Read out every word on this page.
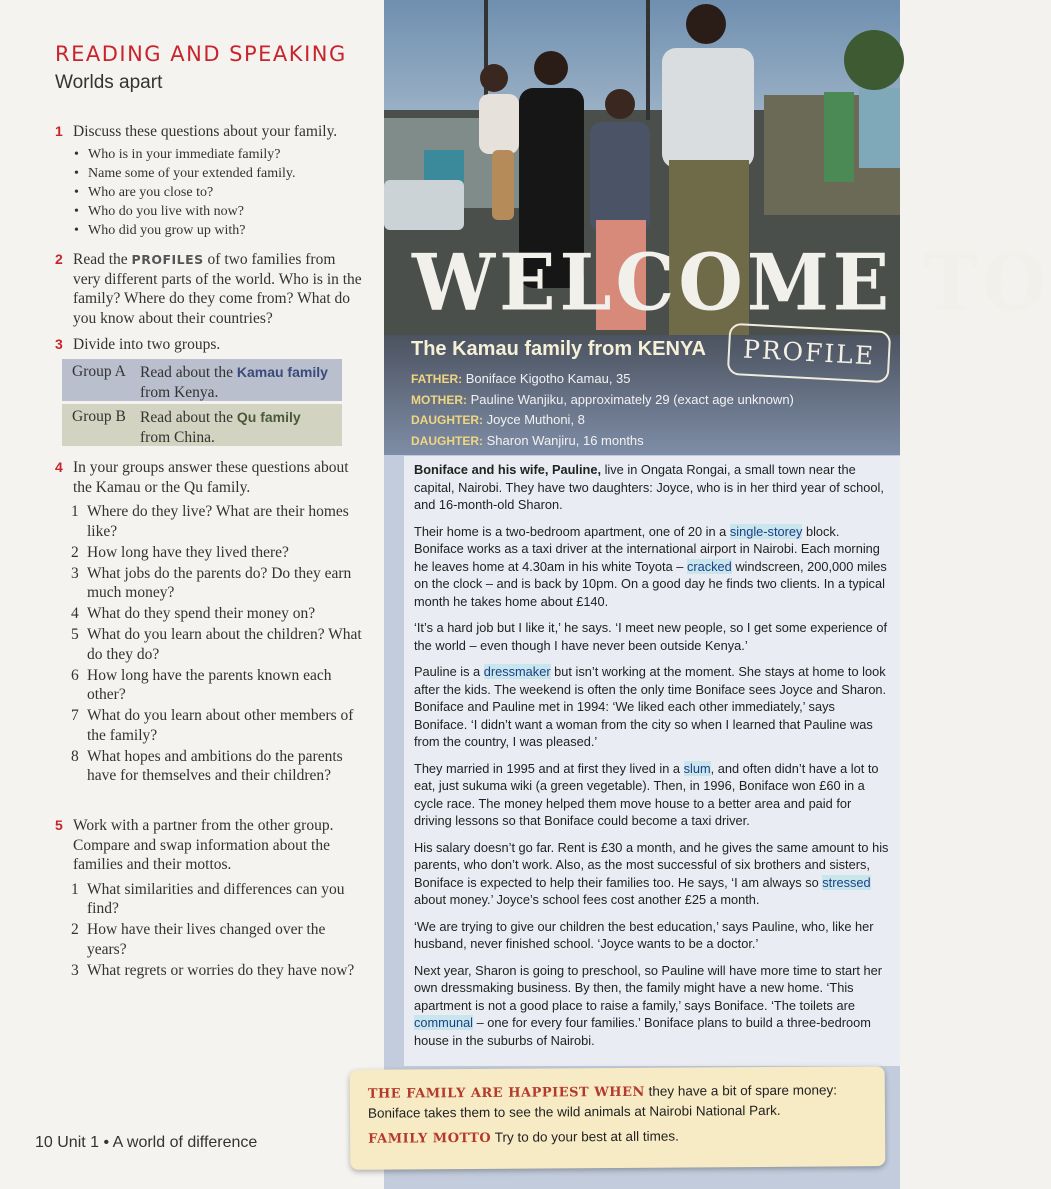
READING AND SPEAKING
Worlds apart
1 Discuss these questions about your family.
• Who is in your immediate family?
• Name some of your extended family.
• Who are you close to?
• Who do you live with now?
• Who did you grow up with?
2 Read the PROFILES of two families from very different parts of the world. Who is in the family? Where do they come from? What do you know about their countries?
3 Divide into two groups.
Group A Read about the Kamau family from Kenya.
Group B Read about the Qu family from China.
4 In your groups answer these questions about the Kamau or the Qu family.
1 Where do they live? What are their homes like?
2 How long have they lived there?
3 What jobs do the parents do? Do they earn much money?
4 What do they spend their money on?
5 What do you learn about the children? What do they do?
6 How long have the parents known each other?
7 What do you learn about other members of the family?
8 What hopes and ambitions do the parents have for themselves and their children?
5 Work with a partner from the other group. Compare and swap information about the families and their mottos.
1 What similarities and differences can you find?
2 How have their lives changed over the years?
3 What regrets or worries do they have now?
10 Unit 1 • A world of difference
WELCOME TO
The Kamau family from KENYA	PROFILE
FATHER: Boniface Kigotho Kamau, 35
MOTHER: Pauline Wanjiku, approximately 29 (exact age unknown)
DAUGHTER: Joyce Muthoni, 8
DAUGHTER: Sharon Wanjiru, 16 months

Boniface and his wife, Pauline, live in Ongata Rongai, a small town near the capital, Nairobi. They have two daughters: Joyce, who is in her third year of school, and 16-month-old Sharon.

Their home is a two-bedroom apartment, one of 20 in a single-storey block. Boniface works as a taxi driver at the international airport in Nairobi. Each morning he leaves home at 4.30am in his white Toyota – cracked windscreen, 200,000 miles on the clock – and is back by 10pm. On a good day he finds two clients. In a typical month he takes home about £140.

‘It’s a hard job but I like it,’ he says. ‘I meet new people, so I get some experience of the world – even though I have never been outside Kenya.’

Pauline is a dressmaker but isn’t working at the moment. She stays at home to look after the kids. The weekend is often the only time Boniface sees Joyce and Sharon. Boniface and Pauline met in 1994: ‘We liked each other immediately,’ says Boniface. ‘I didn’t want a woman from the city so when I learned that Pauline was from the country, I was pleased.’

They married in 1995 and at first they lived in a slum, and often didn’t have a lot to eat, just sukuma wiki (a green vegetable). Then, in 1996, Boniface won £60 in a cycle race. The money helped them move house to a better area and paid for driving lessons so that Boniface could become a taxi driver.

His salary doesn’t go far. Rent is £30 a month, and he gives the same amount to his parents, who don’t work. Also, as the most successful of six brothers and sisters, Boniface is expected to help their families too. He says, ‘I am always so stressed about money.’ Joyce’s school fees cost another £25 a month.

‘We are trying to give our children the best education,’ says Pauline, who, like her husband, never finished school. ‘Joyce wants to be a doctor.’

Next year, Sharon is going to preschool, so Pauline will have more time to start her own dressmaking business. By then, the family might have a new home. ‘This apartment is not a good place to raise a family,’ says Boniface. ‘The toilets are communal – one for every four families.’ Boniface plans to build a three-bedroom house in the suburbs of Nairobi.

THE FAMILY ARE HAPPIEST WHEN they have a bit of spare money: Boniface takes them to see the wild animals at Nairobi National Park.

FAMILY MOTTO Try to do your best at all times.
